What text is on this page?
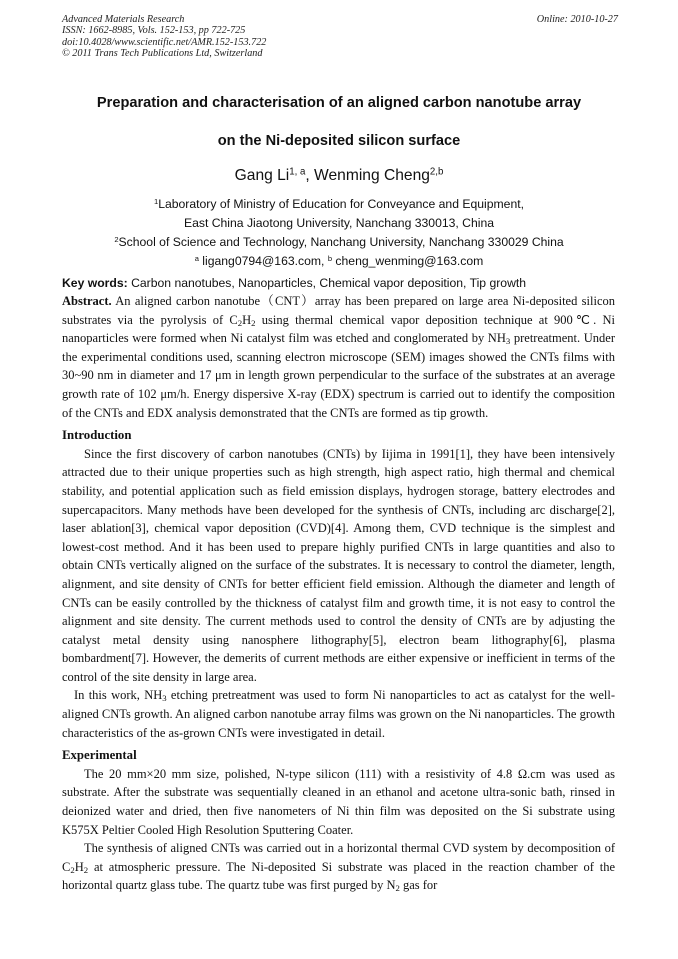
Advanced Materials Research
ISSN: 1662-8985, Vols. 152-153, pp 722-725
doi:10.4028/www.scientific.net/AMR.152-153.722
© 2011 Trans Tech Publications Ltd, Switzerland
Online: 2010-10-27
Preparation and characterisation of an aligned carbon nanotube array
on the Ni-deposited silicon surface
Gang Li$^{1, a}$, Wenming Cheng$^{2,b}$
$^1$Laboratory of Ministry of Education for Conveyance and Equipment,
East China Jiaotong University, Nanchang 330013, China
$^2$School of Science and Technology, Nanchang University, Nanchang 330029 China
$^a$ ligang0794@163.com, $^b$ cheng_wenming@163.com
Key words: Carbon nanotubes, Nanoparticles, Chemical vapor deposition, Tip growth

Abstract. An aligned carbon nanotube（CNT）array has been prepared on large area Ni-deposited silicon substrates via the pyrolysis of $C_2H_2$ using thermal chemical vapor deposition technique at 900℃. Ni nanoparticles were formed when Ni catalyst film was etched and conglomerated by $NH_3$ pretreatment. Under the experimental conditions used, scanning electron microscope (SEM) images showed the CNTs films with 30~90 nm in diameter and 17 μm in length grown perpendicular to the surface of the substrates at an average growth rate of 102 μm/h. Energy dispersive X-ray (EDX) spectrum is carried out to identify the composition of the CNTs and EDX analysis demonstrated that the CNTs are formed as tip growth.

Introduction

Since the first discovery of carbon nanotubes (CNTs) by Iijima in 1991[1], they have been intensively attracted due to their unique properties such as high strength, high aspect ratio, high thermal and chemical stability, and potential application such as field emission displays, hydrogen storage, battery electrodes and supercapacitors. Many methods have been developed for the synthesis of CNTs, including arc discharge[2], laser ablation[3], chemical vapor deposition (CVD)[4]. Among them, CVD technique is the simplest and lowest-cost method. And it has been used to prepare highly purified CNTs in large quantities and also to obtain CNTs vertically aligned on the surface of the substrates. It is necessary to control the diameter, length, alignment, and site density of CNTs for better efficient field emission. Although the diameter and length of CNTs can be easily controlled by the thickness of catalyst film and growth time, it is not easy to control the alignment and site density. The current methods used to control the density of CNTs are by adjusting the catalyst metal density using nanosphere lithography[5], electron beam lithography[6], plasma bombardment[7]. However, the demerits of current methods are either expensive or inefficient in terms of the control of the site density in large area.

In this work, $NH_3$ etching pretreatment was used to form Ni nanoparticles to act as catalyst for the well-aligned CNTs growth. An aligned carbon nanotube array films was grown on the Ni nanoparticles. The growth characteristics of the as-grown CNTs were investigated in detail.

Experimental

The 20 mm×20 mm size, polished, N-type silicon (111) with a resistivity of 4.8 Ω.cm was used as substrate. After the substrate was sequentially cleaned in an ethanol and acetone ultra-sonic bath, rinsed in deionized water and dried, then five nanometers of Ni thin film was deposited on the Si substrate using K575X Peltier Cooled High Resolution Sputtering Coater.

The synthesis of aligned CNTs was carried out in a horizontal thermal CVD system by decomposition of $C_2H_2$ at atmospheric pressure. The Ni-deposited Si substrate was placed in the reaction chamber of the horizontal quartz glass tube. The quartz tube was first purged by $N_2$ gas for
